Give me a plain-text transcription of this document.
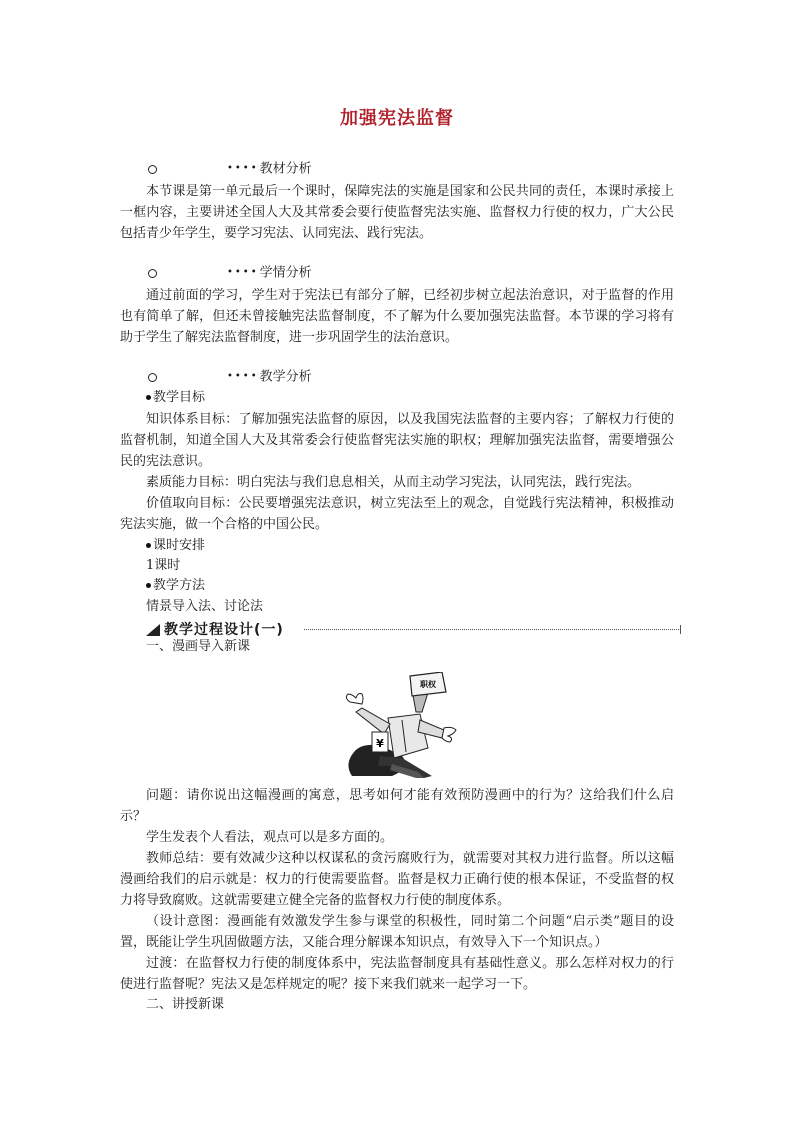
加强宪法监督
••••教材分析

本节课是第一单元最后一个课时，保障宪法的实施是国家和公民共同的责任，本课时承接上一框内容，主要讲述全国人大及其常委会要行使监督宪法实施、监督权力行使的权力，广大公民包括青少年学生，要学习宪法、认同宪法、践行宪法。

••••学情分析

通过前面的学习，学生对于宪法已有部分了解，已经初步树立起法治意识，对于监督的作用也有简单了解，但还未曾接触宪法监督制度，不了解为什么要加强宪法监督。本节课的学习将有助于学生了解宪法监督制度，进一步巩固学生的法治意识。

••••教学分析
教学目标

知识体系目标：了解加强宪法监督的原因，以及我国宪法监督的主要内容；了解权力行使的监督机制，知道全国人大及其常委会行使监督宪法实施的职权；理解加强宪法监督，需要增强公民的宪法意识。

素质能力目标：明白宪法与我们息息相关，从而主动学习宪法，认同宪法，践行宪法。

价值取向目标：公民要增强宪法意识，树立宪法至上的观念，自觉践行宪法精神，积极推动宪法实施，做一个合格的中国公民。

课时安排
1课时
教学方法
情景导入法、讨论法
教学过程设计(一)
一、漫画导入新课
¥
职权

问题：请你说出这幅漫画的寓意，思考如何才能有效预防漫画中的行为？这给我们什么启示？

学生发表个人看法，观点可以是多方面的。

教师总结：要有效减少这种以权谋私的贪污腐败行为，就需要对其权力进行监督。所以这幅漫画给我们的启示就是：权力的行使需要监督。监督是权力正确行使的根本保证，不受监督的权力将导致腐败。这就需要建立健全完备的监督权力行使的制度体系。

（设计意图：漫画能有效激发学生参与课堂的积极性，同时第二个问题“启示类”题目的设置，既能让学生巩固做题方法，又能合理分解课本知识点，有效导入下一个知识点。）

过渡：在监督权力行使的制度体系中，宪法监督制度具有基础性意义。那么怎样对权力的行使进行监督呢？宪法又是怎样规定的呢？接下来我们就来一起学习一下。

二、讲授新课
